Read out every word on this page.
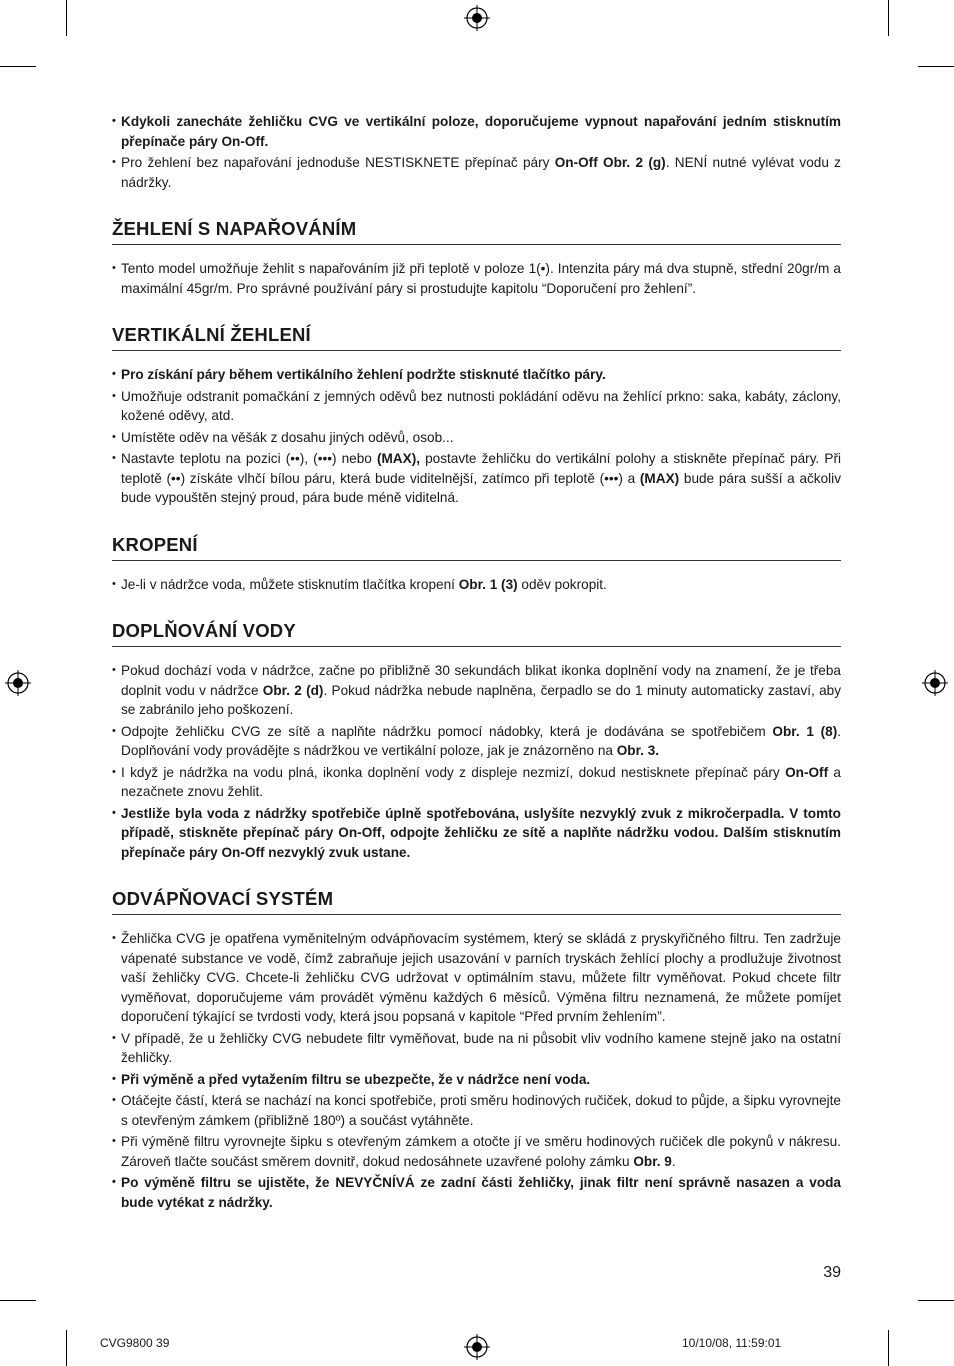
• Kdykoli zanecháte žehličku CVG ve vertikální poloze, doporučujeme vypnout napařování jedním stisknutím přepínače páry On-Off.
• Pro žehlení bez napařování jednoduše NESTISKNETE přepínač páry On-Off Obr. 2 (g). NENÍ nutné vylévat vodu z nádržky.
ŽEHLENÍ S NAPAŘOVÁNÍM
• Tento model umožňuje žehlit s napařováním již při teplotě v poloze 1(•). Intenzita páry má dva stupně, střední 20gr/m a maximální 45gr/m. Pro správné používání páry si prostudujte kapitolu “Doporučení pro žehlení”.
VERTIKÁLNÍ ŽEHLENÍ
• Pro získání páry během vertikálního žehlení podržte stisknuté tlačítko páry.
• Umožňuje odstranit pomačkání z jemných oděvů bez nutnosti pokládání oděvu na žehlící prkno: saka, kabáty, záclony, kožené oděvy, atd.
• Umístěte oděv na věšák z dosahu jiných oděvů, osob...
• Nastavte teplotu na pozici (••), (•••) nebo (MAX), postavte žehličku do vertikální polohy a stiskněte přepínač páry. Při teplotě (••) získáte vlhčí bílou páru, která bude viditelnější, zatímco při teplotě (•••) a (MAX) bude pára sušší a ačkoliv bude vypouštěn stejný proud, pára bude méně viditelná.
KROPENÍ
• Je-li v nádržce voda, můžete stisknutím tlačítka kropení Obr. 1 (3) oděv pokropit.
DOPLŇOVÁNÍ VODY
• Pokud dochází voda v nádržce, začne po přibližně 30 sekundách blikat ikonka doplnění vody na znamení, že je třeba doplnit vodu v nádržce Obr. 2 (d). Pokud nádržka nebude naplněna, čerpadlo se do 1 minuty automaticky zastaví, aby se zabránilo jeho poškození.
• Odpojte žehličku CVG ze sítě a naplňte nádržku pomocí nádobky, která je dodávána se spotřebičem Obr. 1 (8). Doplňování vody provádějte s nádržkou ve vertikální poloze, jak je znázorněno na Obr. 3.
• I když je nádržka na vodu plná, ikonka doplnění vody z displeje nezmizí, dokud nestisknete přepínač páry On-Off a nezačnete znovu žehlit.
• Jestliže byla voda z nádržky spotřebiče úplně spotřebována, uslyšíte nezvyklý zvuk z mikročerpadla. V tomto případě, stiskněte přepínač páry On-Off, odpojte žehličku ze sítě a naplňte nádržku vodou. Dalším stisknutím přepínače páry On-Off nezvyklý zvuk ustane.
ODVÁPŇOVACÍ SYSTÉM
• Žehlička CVG je opatřena vyměnitelným odvápňovacím systémem, který se skládá z pryskyřičného filtru. Ten zadržuje vápenaté substance ve vodě, čímž zabraňuje jejich usazování v parních tryskách žehlící plochy a prodlužuje životnost vaší žehličky CVG. Chcete-li žehličku CVG udržovat v optimálním stavu, můžete filtr vyměňovat. Pokud chcete filtr vyměňovat, doporučujeme vám provádět výměnu každých 6 měsíců. Výměna filtru neznamená, že můžete pomíjet doporučení týkající se tvrdosti vody, která jsou popsaná v kapitole “Před prvním žehlením”.
• V případě, že u žehličky CVG nebudete filtr vyměňovat, bude na ni působit vliv vodního kamene stejně jako na ostatní žehličky.
• Při výměně a před vytažením filtru se ubezpečte, že v nádržce není voda.
• Otáčejte částí, která se nachází na konci spotřebiče, proti směru hodinových ručiček, dokud to půjde, a šipku vyrovnejte s otevřeným zámkem (přibližně 180º) a součást vytáhněte.
• Při výměně filtru vyrovnejte šipku s otevřeným zámkem a otočte jí ve směru hodinových ručiček dle pokynů v nákresu. Zároveň tlačte součást směrem dovnitř, dokud nedosáhnete uzavřené polohy zámku Obr. 9.
• Po výměně filtru se ujistěte, že NEVYČNÍVÁ ze zadní části žehličky, jinak filtr není správně nasazen a voda bude vytékat z nádržky.
39
CVG9800 39	10/10/08, 11:59:01
